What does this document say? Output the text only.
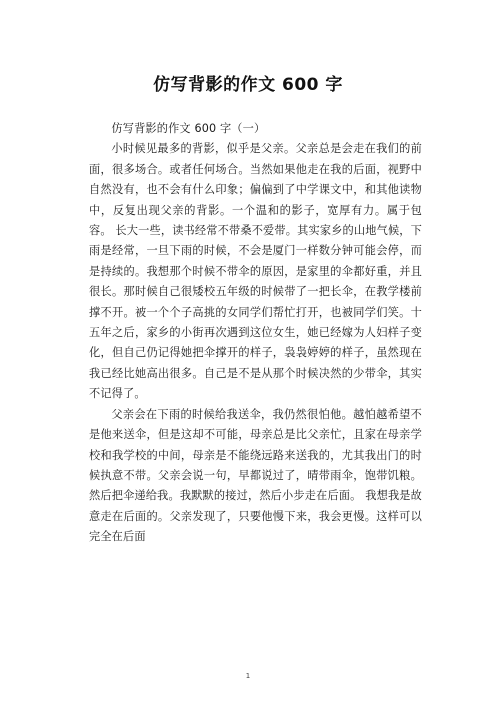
仿写背影的作文 600 字

仿写背影的作文 600 字（一）

小时候见最多的背影，似乎是父亲。父亲总是会走在我们的前面，很多场合。或者任何场合。当然如果他走在我的后面，视野中自然没有，也不会有什么印象；偏偏到了中学课文中，和其他读物中，反复出现父亲的背影。一个温和的影子，宽厚有力。属于包容。 长大一些，读书经常不带桑不爱带。其实家乡的山地气候，下雨是经常，一旦下雨的时候，不会是厦门一样数分钟可能会停，而是持续的。我想那个时候不带伞的原因，是家里的伞都好重，并且很长。那时候自己很矮校五年级的时候带了一把长伞，在教学楼前撑不开。被一个个子高挑的女同学们帮忙打开，也被同学们笑。十五年之后，家乡的小街再次遇到这位女生，她已经嫁为人妇样子变化，但自己仍记得她把伞撑开的样子，袅袅婷婷的样子，虽然现在我已经比她高出很多。自己是不是从那个时候决然的少带伞，其实不记得了。

父亲会在下雨的时候给我送伞，我仍然很怕他。越怕越希望不是他来送伞，但是这却不可能，母亲总是比父亲忙，且家在母亲学校和我学校的中间，母亲是不能绕远路来送我的，尤其我出门的时候执意不带。父亲会说一句，早都说过了，晴带雨伞，饱带饥粮。然后把伞递给我。我默默的接过，然后小步走在后面。 我想我是故意走在后面的。父亲发现了，只要他慢下来，我会更慢。这样可以完全在后面

1
